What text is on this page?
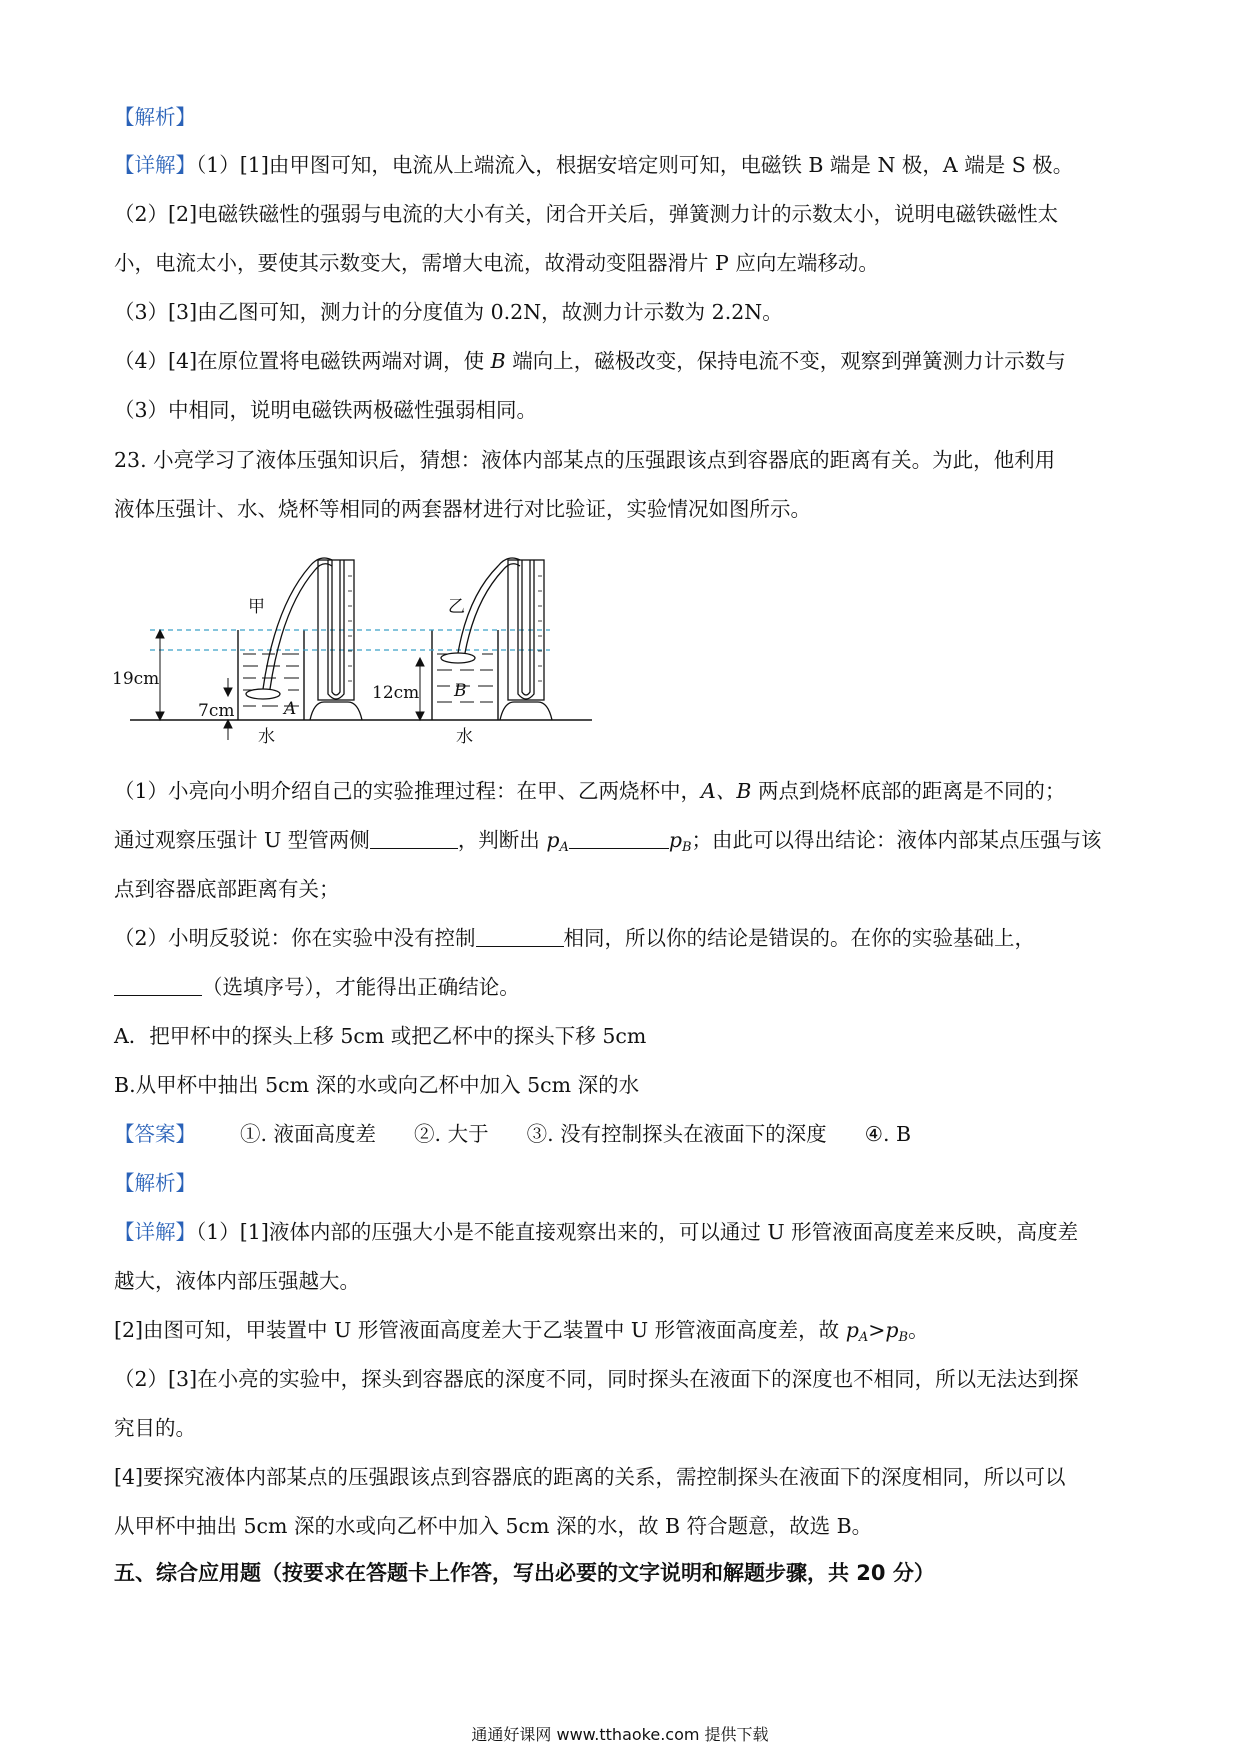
【解析】
【详解】（1）[1]由甲图可知，电流从上端流入，根据安培定则可知，电磁铁 B 端是 N 极，A 端是 S 极。
（2）[2]电磁铁磁性的强弱与电流的大小有关，闭合开关后，弹簧测力计的示数太小，说明电磁铁磁性太
小，电流太小，要使其示数变大，需增大电流，故滑动变阻器滑片 P 应向左端移动。
（3）[3]由乙图可知，测力计的分度值为 0.2N，故测力计示数为 2.2N。
（4）[4]在原位置将电磁铁两端对调，使 B 端向上，磁极改变，保持电流不变，观察到弹簧测力计示数与
（3）中相同，说明电磁铁两极磁性强弱相同。
23. 小亮学习了液体压强知识后，猜想：液体内部某点的压强跟该点到容器底的距离有关。为此，他利用
液体压强计、水、烧杯等相同的两套器材进行对比验证，实验情况如图所示。
甲	乙
19cm
7cm
12cm
A
B
水	水
（1）小亮向小明介绍自己的实验推理过程：在甲、乙两烧杯中，A、B 两点到烧杯底部的距离是不同的；
通过观察压强计 U 型管两侧	，判断出 $p_A$	$p_B$；由此可以得出结论：液体内部某点压强与该
点到容器底部距离有关；
（2）小明反驳说：你在实验中没有控制	相同，所以你的结论是错误的。在你的实验基础上，
（选填序号），才能得出正确结论。
A．把甲杯中的探头上移 5cm 或把乙杯中的探头下移 5cm
B.从甲杯中抽出 5cm 深的水或向乙杯中加入 5cm 深的水
【答案】 ①. 液面高度差 ②. 大于 ③. 没有控制探头在液面下的深度 ④. B
【解析】
【详解】（1）[1]液体内部的压强大小是不能直接观察出来的，可以通过 U 形管液面高度差来反映，高度差
越大，液体内部压强越大。
[2]由图可知，甲装置中 U 形管液面高度差大于乙装置中 U 形管液面高度差，故 $p_A>p_B$。
（2）[3]在小亮的实验中，探头到容器底的深度不同，同时探头在液面下的深度也不相同，所以无法达到探
究目的。
[4]要探究液体内部某点的压强跟该点到容器底的距离的关系，需控制探头在液面下的深度相同，所以可以
从甲杯中抽出 5cm 深的水或向乙杯中加入 5cm 深的水，故 B 符合题意，故选 B。
五、综合应用题（按要求在答题卡上作答，写出必要的文字说明和解题步骤，共 20 分）
通通好课网 www.tthaoke.com 提供下载
